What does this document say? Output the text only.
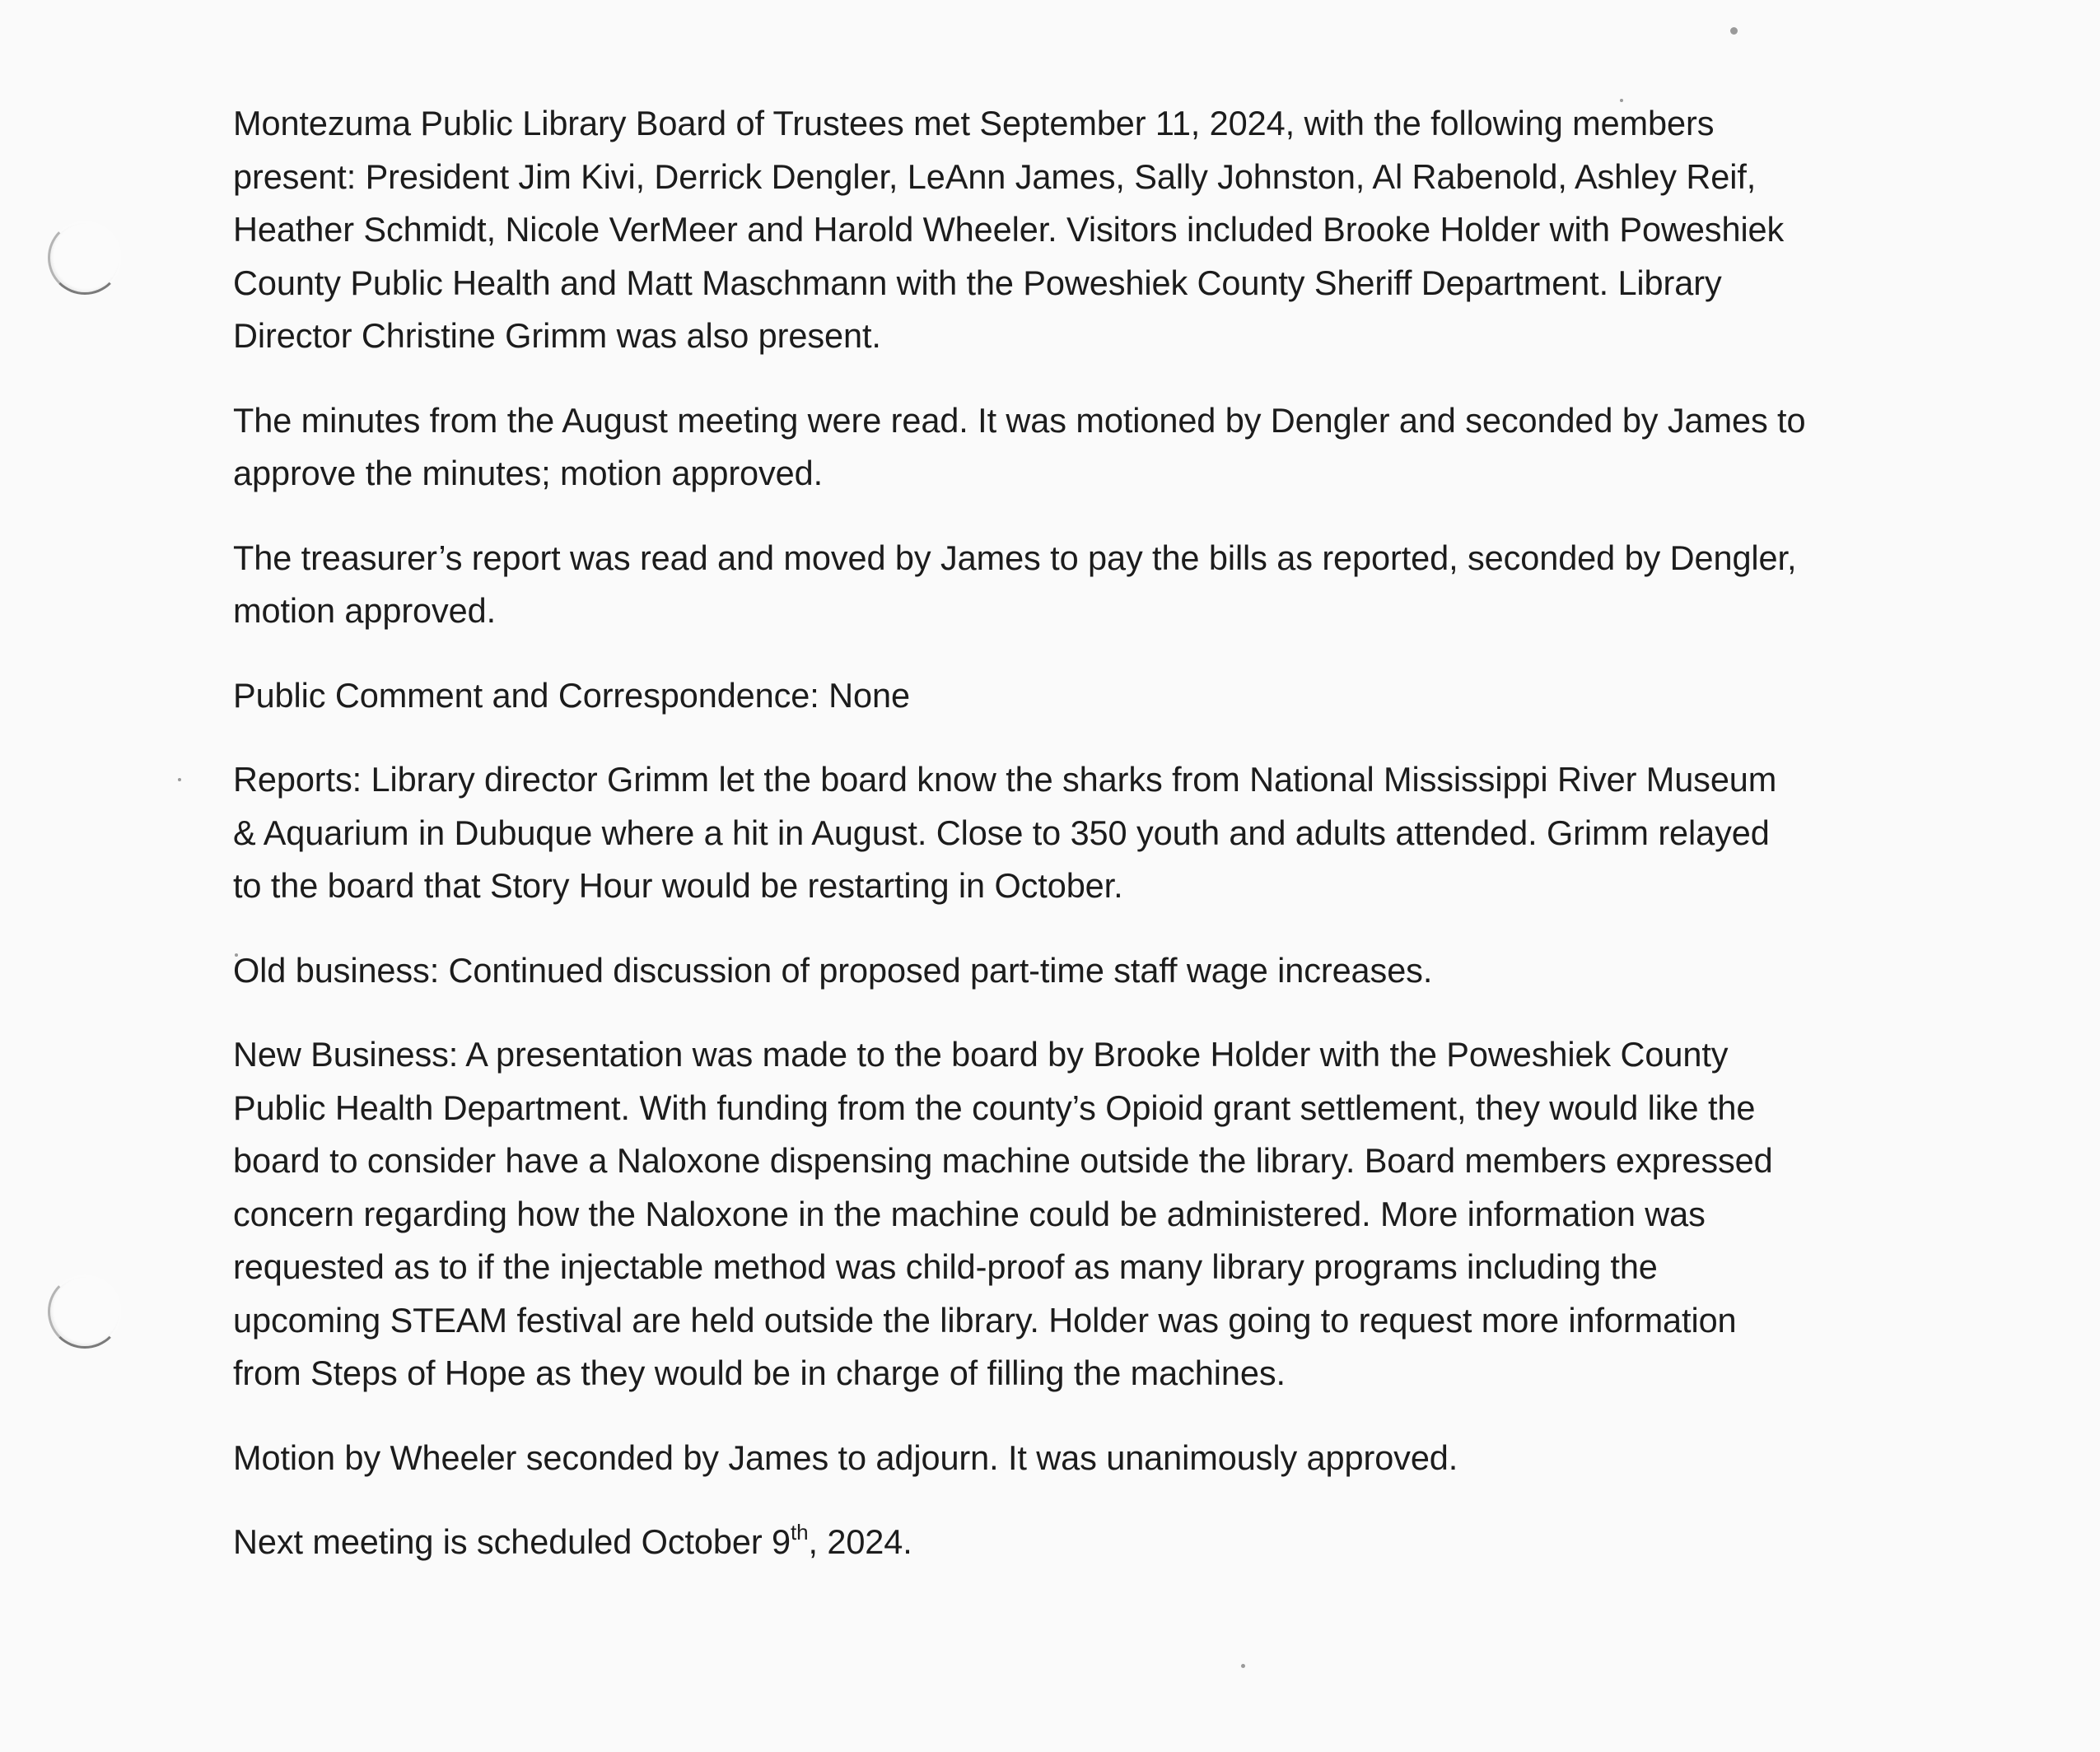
Montezuma Public Library Board of Trustees met September 11, 2024, with the following members
present: President Jim Kivi, Derrick Dengler, LeAnn James, Sally Johnston, Al Rabenold, Ashley Reif,
Heather Schmidt, Nicole VerMeer and Harold Wheeler. Visitors included Brooke Holder with Poweshiek
County Public Health and Matt Maschmann with the Poweshiek County Sheriff Department. Library
Director Christine Grimm was also present.

The minutes from the August meeting were read. It was motioned by Dengler and seconded by James to
approve the minutes; motion approved.

The treasurer’s report was read and moved by James to pay the bills as reported, seconded by Dengler,
motion approved.

Public Comment and Correspondence: None

Reports: Library director Grimm let the board know the sharks from National Mississippi River Museum
& Aquarium in Dubuque where a hit in August. Close to 350 youth and adults attended. Grimm relayed
to the board that Story Hour would be restarting in October.

Old business: Continued discussion of proposed part-time staff wage increases.

New Business: A presentation was made to the board by Brooke Holder with the Poweshiek County
Public Health Department. With funding from the county’s Opioid grant settlement, they would like the
board to consider have a Naloxone dispensing machine outside the library. Board members expressed
concern regarding how the Naloxone in the machine could be administered. More information was
requested as to if the injectable method was child-proof as many library programs including the
upcoming STEAM festival are held outside the library. Holder was going to request more information
from Steps of Hope as they would be in charge of filling the machines.

Motion by Wheeler seconded by James to adjourn. It was unanimously approved.

Next meeting is scheduled October 9th, 2024.
